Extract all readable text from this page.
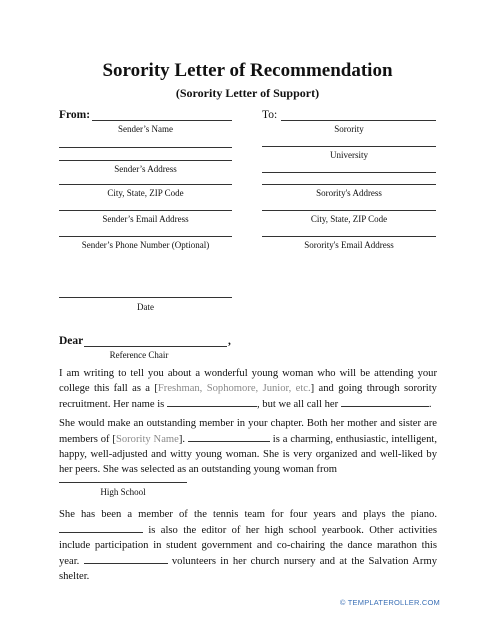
Sorority Letter of Recommendation
(Sorority Letter of Support)
From:
Sender’s Name
Sender’s Address
City, State, ZIP Code
Sender’s Email Address
Sender’s Phone Number (Optional)
Date
To:
Sorority
University
Sorority's Address
City, State, ZIP Code
Sorority's Email Address
Dear	,
Reference Chair

I am writing to tell you about a wonderful young woman who will be attending your college this fall as a [Freshman, Sophomore, Junior, etc.] and going through sorority recruitment. Her name is	, but we all call her	.

She would make an outstanding member in your chapter. Both her mother and sister are members of [Sorority Name].	is a charming, enthusiastic, intelligent, happy, well-adjusted and witty young woman. She is very organized and well-liked by her peers. She was selected as an outstanding young woman from

High School

She has been a member of the tennis team for four years and plays the piano.  is also the editor of her high school yearbook. Other activities include participation in student government and co-chairing the dance marathon this year.	volunteers in her church nursery and at the Salvation Army shelter.

© TEMPLATEROLLER.COM
